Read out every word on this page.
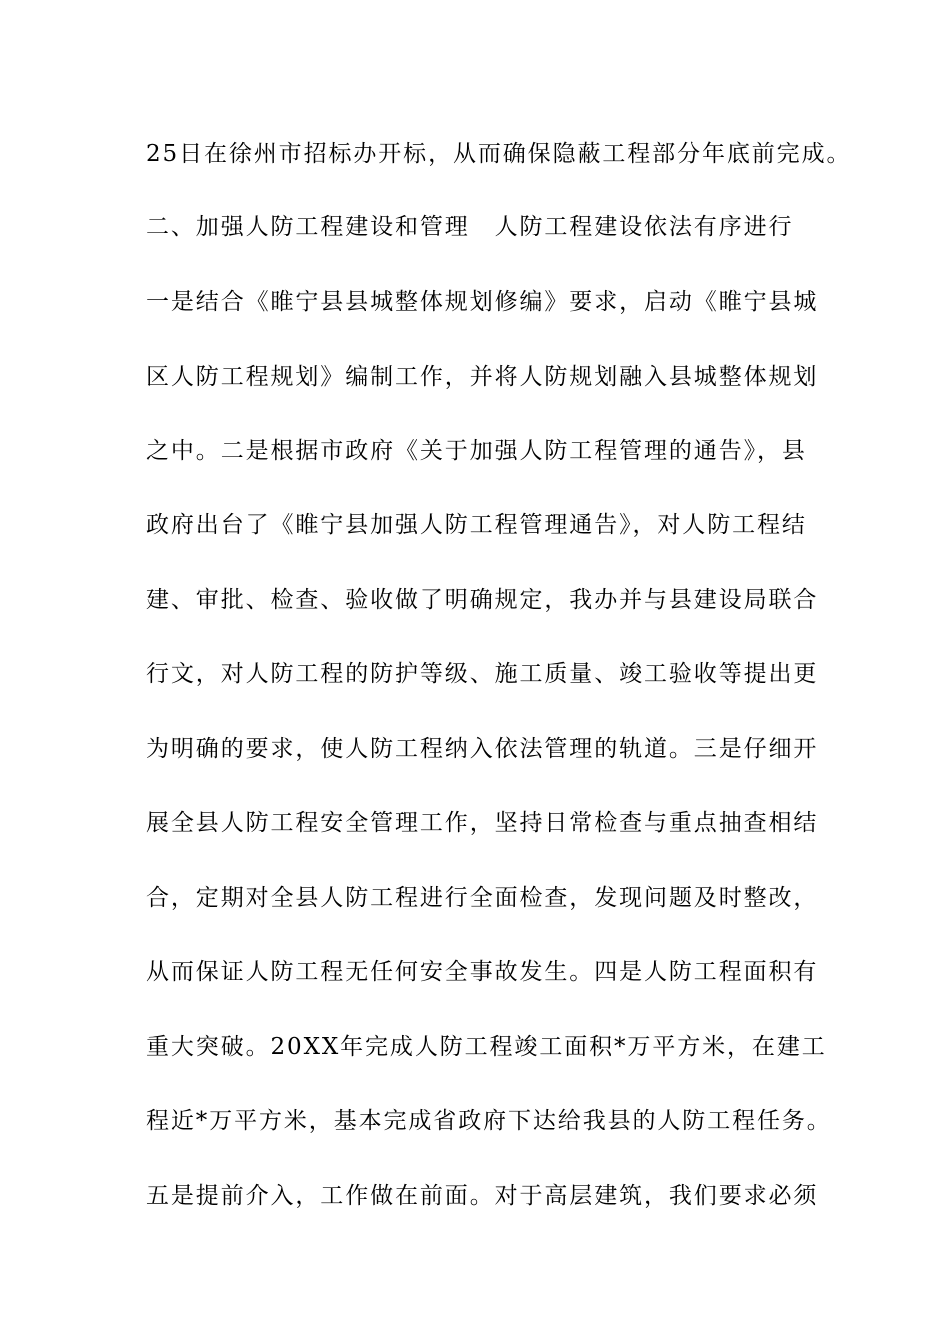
25日在徐州市招标办开标，从而确保隐蔽工程部分年底前完成。
二、加强人防工程建设和管理　人防工程建设依法有序进行
一是结合《睢宁县县城整体规划修编》要求，启动《睢宁县城
区人防工程规划》编制工作，并将人防规划融入县城整体规划
之中。二是根据市政府《关于加强人防工程管理的通告》，县
政府出台了《睢宁县加强人防工程管理通告》，对人防工程结
建、审批、检查、验收做了明确规定，我办并与县建设局联合
行文，对人防工程的防护等级、施工质量、竣工验收等提出更
为明确的要求，使人防工程纳入依法管理的轨道。三是仔细开
展全县人防工程安全管理工作，坚持日常检查与重点抽查相结
合，定期对全县人防工程进行全面检查，发现问题及时整改，
从而保证人防工程无任何安全事故发生。四是人防工程面积有
重大突破。20XX年完成人防工程竣工面积*万平方米，在建工
程近*万平方米，基本完成省政府下达给我县的人防工程任务。
五是提前介入，工作做在前面。对于高层建筑，我们要求必须
